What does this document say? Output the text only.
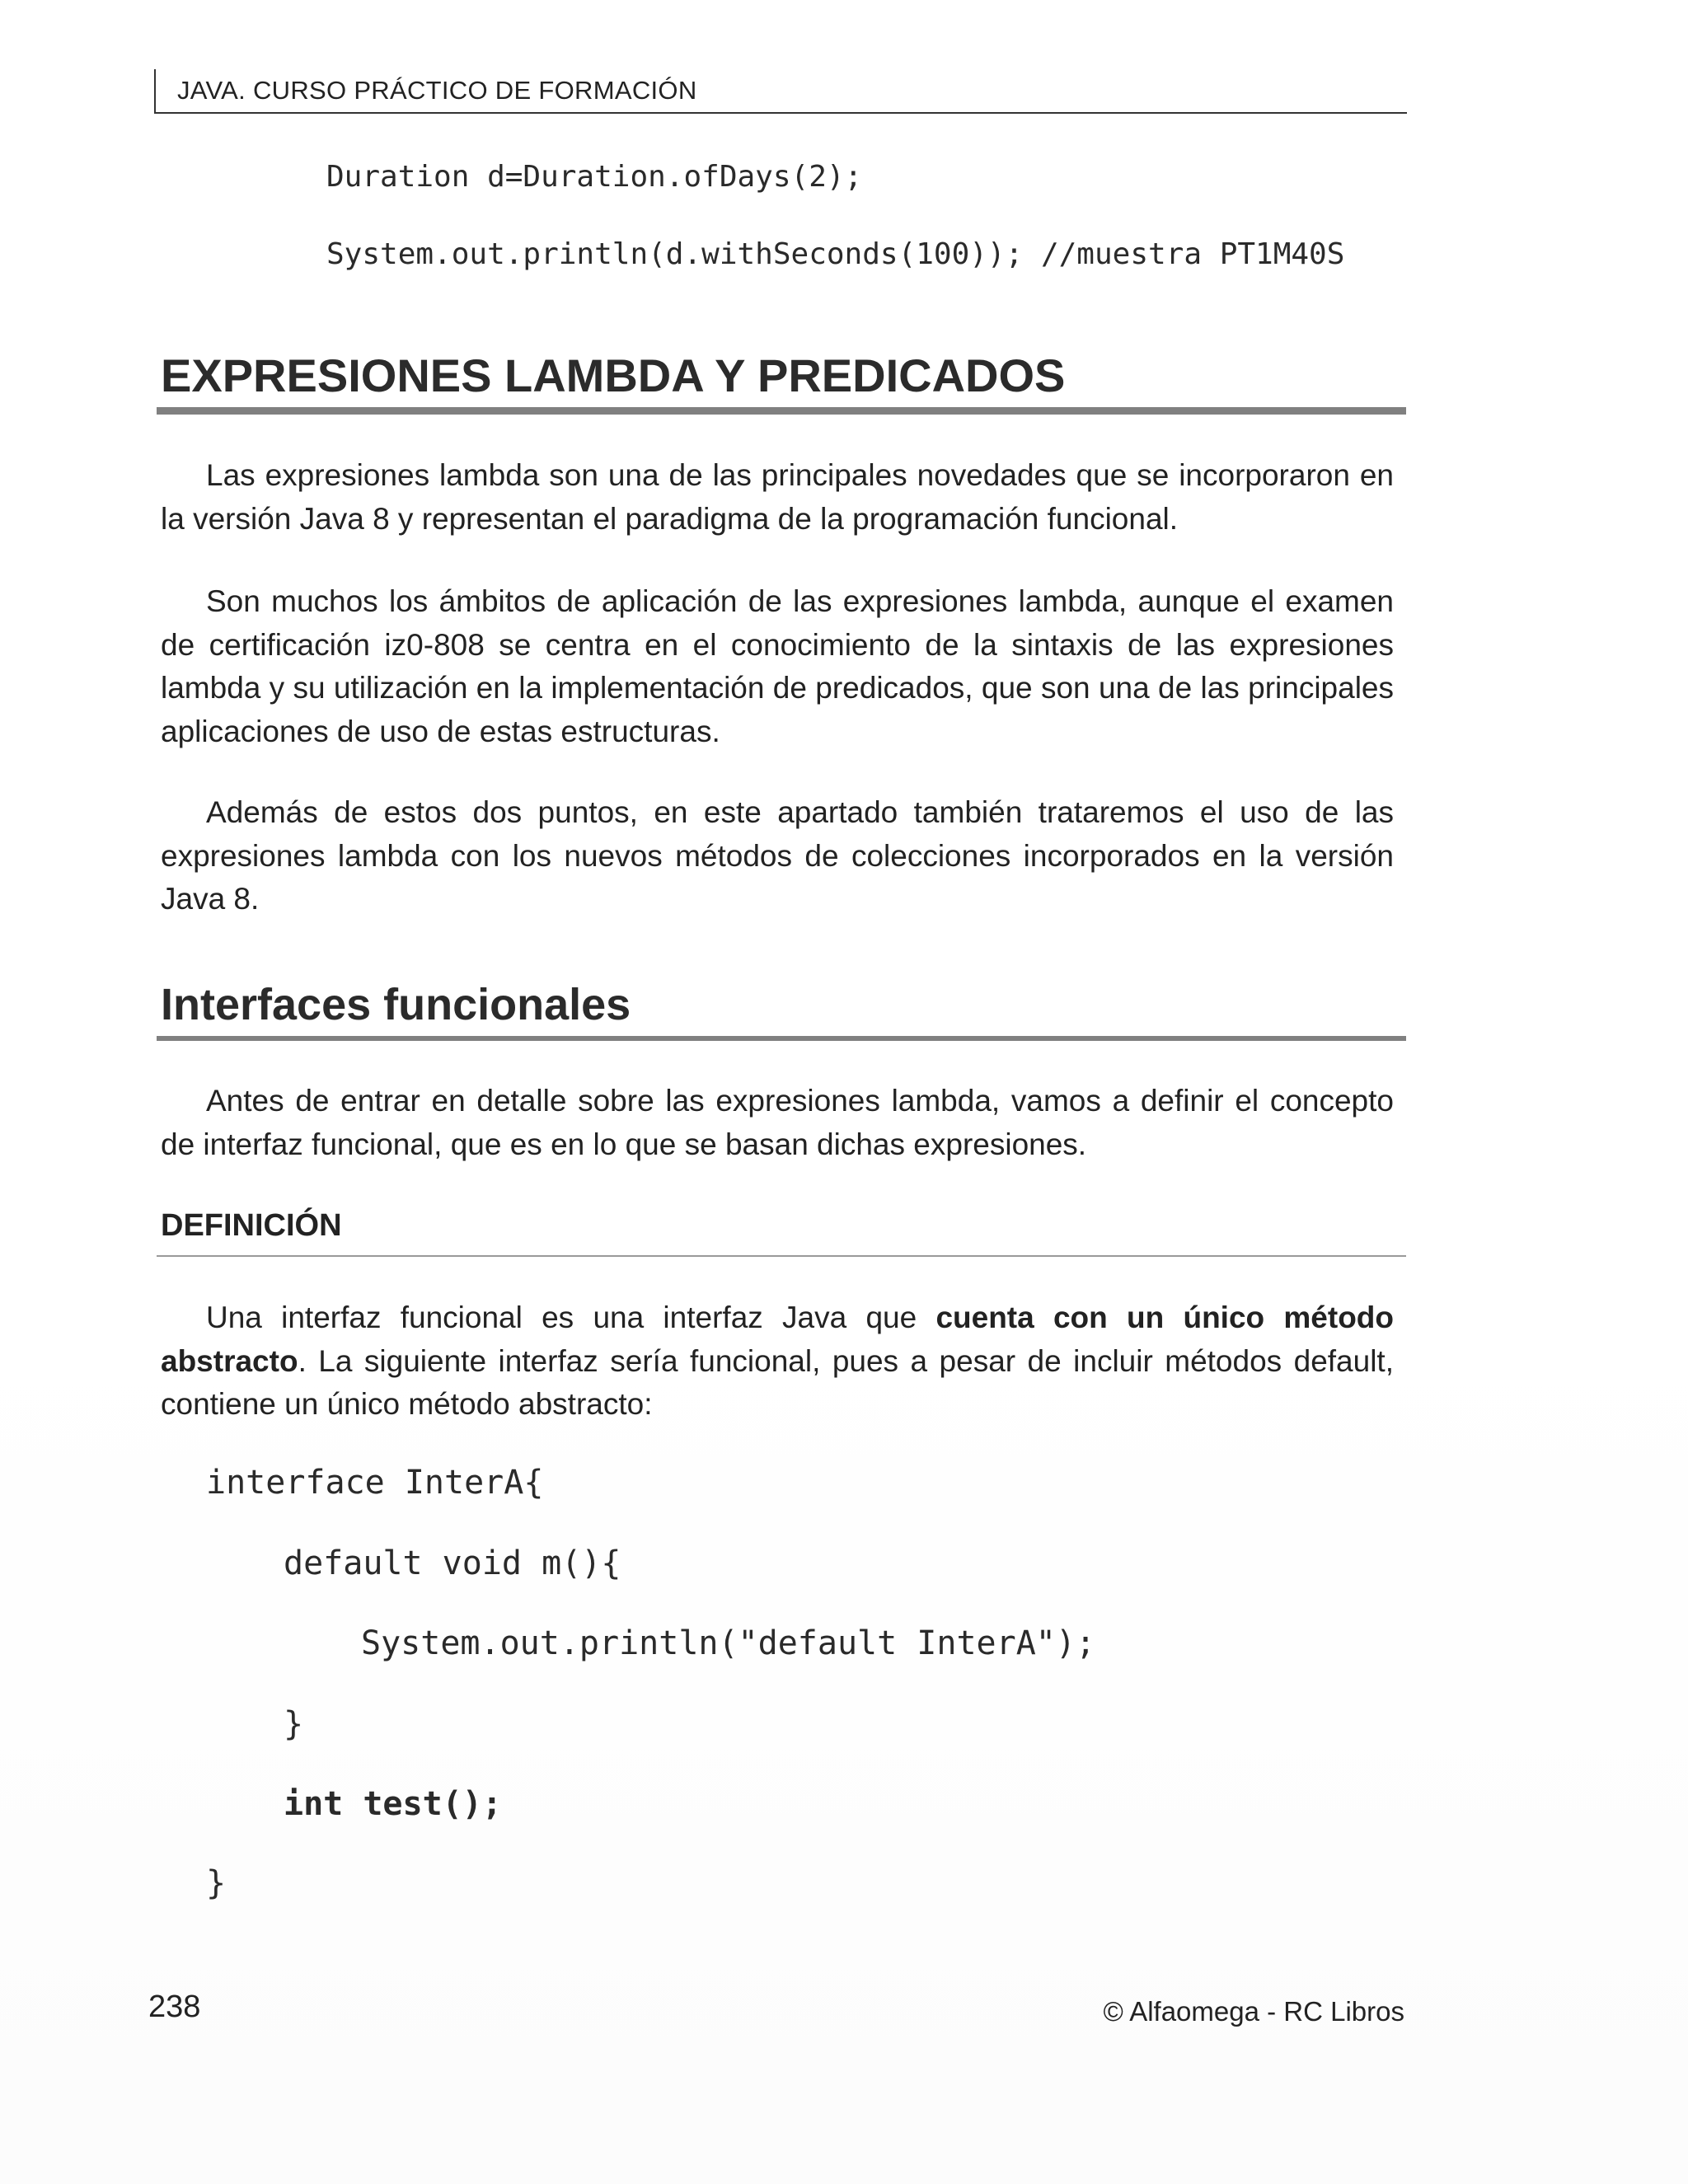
JAVA. CURSO PRÁCTICO DE FORMACIÓN
Duration d=Duration.ofDays(2);
System.out.println(d.withSeconds(100)); //muestra PT1M40S
EXPRESIONES LAMBDA Y PREDICADOS

Las expresiones lambda son una de las principales novedades que se incorporaron en la versión Java 8 y representan el paradigma de la programación funcional.

Son muchos los ámbitos de aplicación de las expresiones lambda, aunque el examen de certificación iz0-808 se centra en el conocimiento de la sintaxis de las expresiones lambda y su utilización en la implementación de predicados, que son una de las principales aplicaciones de uso de estas estructuras.

Además de estos dos puntos, en este apartado también trataremos el uso de las expresiones lambda con los nuevos métodos de colecciones incorporados en la versión Java 8.

Interfaces funcionales

Antes de entrar en detalle sobre las expresiones lambda, vamos a definir el concepto de interfaz funcional, que es en lo que se basan dichas expresiones.

DEFINICIÓN

Una interfaz funcional es una interfaz Java que cuenta con un único método abstracto. La siguiente interfaz sería funcional, pues a pesar de incluir métodos default, contiene un único método abstracto:

interface InterA{
default void m(){
System.out.println("default InterA");
}
int test();
}
238	© Alfaomega - RC Libros
